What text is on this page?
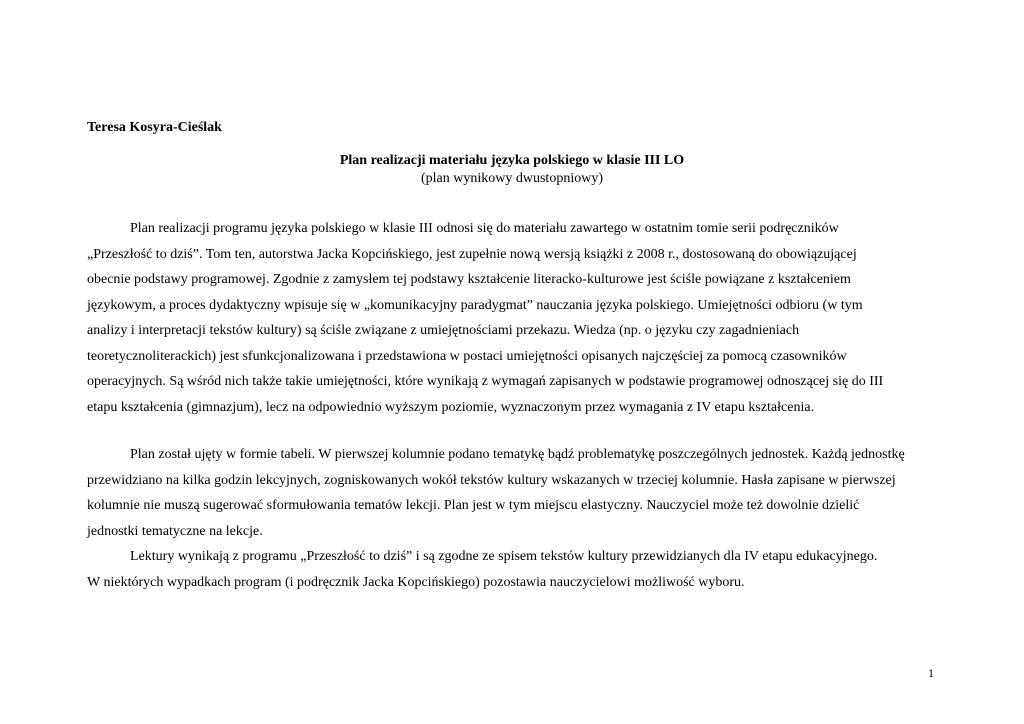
Teresa Kosyra-Cieślak

Plan realizacji materiału języka polskiego w klasie III LO

(plan wynikowy dwustopniowy)

Plan realizacji programu języka polskiego w klasie III odnosi się do materiału zawartego w ostatnim tomie serii podręczników
„Przeszłość to dziś”. Tom ten, autorstwa Jacka Kopcińskiego, jest zupełnie nową wersją książki z 2008 r., dostosowaną do obowiązującej
obecnie podstawy programowej. Zgodnie z zamysłem tej podstawy kształcenie literacko-kulturowe jest ściśle powiązane z kształceniem
językowym, a proces dydaktyczny wpisuje się w „komunikacyjny paradygmat” nauczania języka polskiego. Umiejętności odbioru (w tym
analizy i interpretacji tekstów kultury) są ściśle związane z umiejętnościami przekazu. Wiedza (np. o języku czy zagadnieniach
teoretycznoliterackich) jest sfunkcjonalizowana i przedstawiona w postaci umiejętności opisanych najczęściej za pomocą czasowników
operacyjnych. Są wśród nich także takie umiejętności, które wynikają z wymagań zapisanych w podstawie programowej odnoszącej się do III
etapu kształcenia (gimnazjum), lecz na odpowiednio wyższym poziomie, wyznaczonym przez wymagania z IV etapu kształcenia.
Plan został ujęty w formie tabeli. W pierwszej kolumnie podano tematykę bądź problematykę poszczególnych jednostek. Każdą jednostkę
przewidziano na kilka godzin lekcyjnych, zogniskowanych wokół tekstów kultury wskazanych w trzeciej kolumnie. Hasła zapisane w pierwszej
kolumnie nie muszą sugerować sformułowania tematów lekcji. Plan jest w tym miejscu elastyczny. Nauczyciel może też dowolnie dzielić
jednostki tematyczne na lekcje.
Lektury wynikają z programu „Przeszłość to dziś” i są zgodne ze spisem tekstów kultury przewidzianych dla IV etapu edukacyjnego.
W niektórych wypadkach program (i podręcznik Jacka Kopcińskiego) pozostawia nauczycielowi możliwość wyboru.

1
